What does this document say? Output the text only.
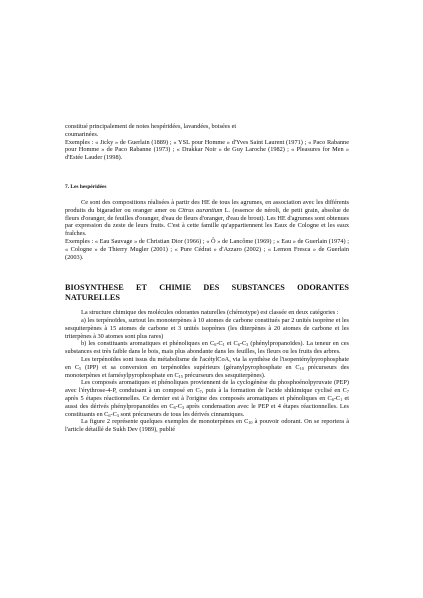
constitué principalement de notes hespéridées, lavandées, boisées et
coumarinées.

Exemples : « Jicky » de Guerlain (1889) ; « YSL pour Homme » d'Yves Saint Laurent (1971) ; « Paco Rabanne pour Homme » de Paco Rabanne (1973) ; « Drakkar Noir » de Guy Laroche (1982) ; « Pleasures for Men » d'Estée Lauder (1998).

7. Les hespéridées

Ce sont des compositions réalisées à partir des HE de tous les agrumes, en association avec les différents produits du bigaradier ou oranger amer ou Citrus aurantium L. (essence de néroli, de petit grain, absolue de fleurs d'oranger, de feuilles d'oranger, d'eau de fleurs d'oranger, d'eau de brout). Les HE d'agrumes sont obtenues par expression du zeste de leurs fruits. C'est à cette famille qu'appartiennent les Eaux de Cologne et les eaux fraîches.

Exemples : « Eau Sauvage » de Christian Dior (1966) ; « Ô » de Lancôme (1969) ; « Eau » de Guerlain (1974) ; « Cologne » de Thierry Mugler (2001) ; « Pure Cédrat » d'Azzaro (2002) ; « Lemon Fresca » de Guerlain (2003).

BIOSYNTHESE ET CHIMIE DES SUBSTANCES ODORANTES NATURELLES

La structure chimique des molécules odorantes naturelles (chémotype) est classée en deux catégories :

a) les terpénoïdes, surtout les monoterpènes à 10 atomes de carbone constitués par 2 unités isoprène et les sesquiterpènes à 15 atomes de carbone et 3 unités isoprènes (les diterpènes à 20 atomes de carbone et les triterpènes à 30 atomes sont plus rares)

b) les constituants aromatiques et phénoliques en $C_6-C_1$ et $C_6-C_3$ (phénylpropanoïdes). La teneur en ces substances est très faible dans le bois, mais plus abondante dans les feuilles, les fleurs ou les fruits des arbres.

Les terpénoïdes sont issus du métabolisme de l'acétylCoA, via la synthèse de l'isopenténylpyrophosphate en $C_5$ (IPP) et sa conversion en terpénoïdes supérieurs (géranylpyrophosphate en $C_{10}$ précurseurs des monoterpènes et farnésylpyrophosphate en $C_{15}$ précurseurs des sesquiterpènes).

Les composés aromatiques et phénoliques proviennent de la cyclogénèse du phosphoénolpyruvate (PEP) avec l'érythrose-4-P, conduisant à un composé en $C_7$, puis à la formation de l'acide shikimique cyclisé en $C_7$ après 5 étapes réactionnelles. Ce dernier est à l'origine des composés aromatiques et phénoliques en $C_6-C_1$ et aussi des dérivés phénylpropanoïdes en $C_6-C_3$ après condensation avec le PEP et 4 étapes réactionnelles. Les constituants en $C_6-C_3$ sont précurseurs de tous les dérivés cinnamiques.

La figure 2 représente quelques exemples de monoterpènes en $C_{10}$ à pouvoir odorant. On se reportera à l'article détaillé de Sukh Dev (1989), publié
